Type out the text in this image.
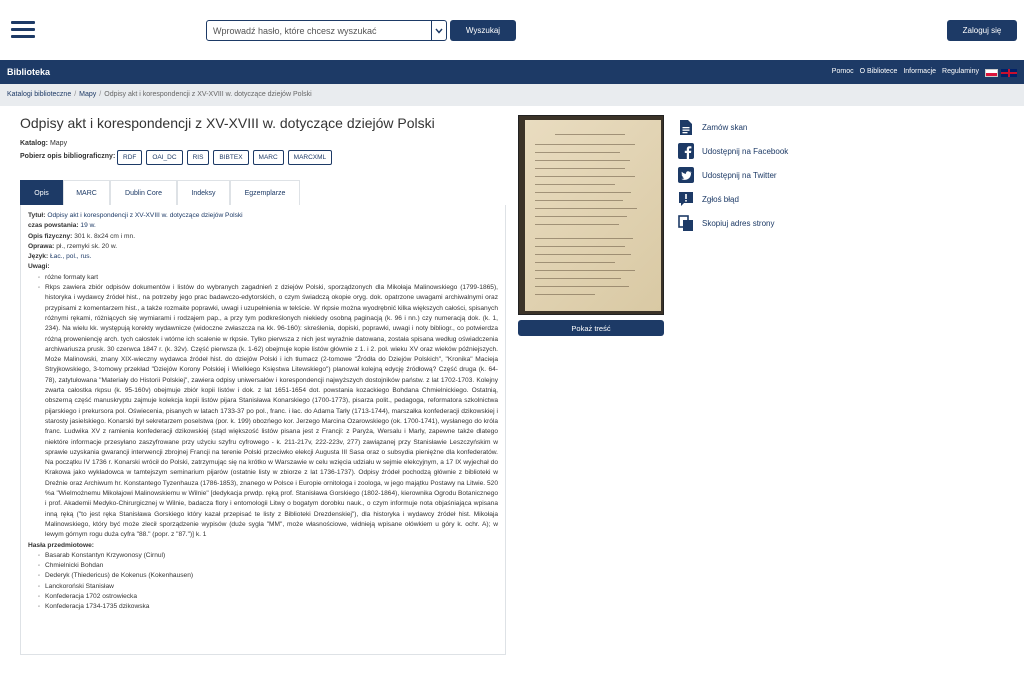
Wprowadź hasło, które chcesz wyszukać
Wyszukaj	Zaloguj się
Biblioteka	Pomoc O Bibliotece Informacje Regulaminy
Katalogi biblioteczne / Mapy / Odpisy akt i korespondencji z XV-XVIII w. dotyczące dziejów Polski
Odpisy akt i korespondencji z XV-XVIII w. dotyczące dziejów Polski
Katalog: Mapy
Pobierz opis bibliograficzny:	RDF	OAI_DC	RIS	BIBTEX	MARC	MARCXML
Opis	MARC	Dublin Core	Indeksy	Egzemplarze
Tytuł: Odpisy akt i korespondencji z XV-XVIII w. dotyczące dziejów Polski
czas powstania: 19 w.
Opis fizyczny: 301 k. 8x24 cm i mn.
Oprawa: pł., rzemyki sk. 20 w.
Język: Łac., pol., rus.
Uwagi:
◦ różne formaty kart
◦ Rkps zawiera zbiór odpisów dokumentów i listów do wybranych zagadnień z dziejów Polski, sporządzonych dla Mikołaja Malinowskiego (1799-1865), historyka i wydawcy źródeł hist., na potrzeby jego prac badawczo-edytorskich, o czym świadczą okopie oryg. dok. opatrzone uwagami archiwalnymi oraz przypisami z komentarzem hist., a także rozmaite poprawki, uwagi i uzupełnienia w tekście. W rkpsie można wyodrębnić kilka większych całości, spisanych różnymi rękami, różniących się wymiarami i rodzajem pap., a przy tym podkreślonych niekiedy osobną paginacją (k. 96 i nn.) czy numeracją dok. (k. 1, 234). Na wielu kk. występują korekty wydawnicze (widoczne zwłaszcza na kk. 96-160): skreślenia, dopiski, poprawki, uwagi i noty bibliogr., co potwierdza różną proweniencję arch. tych całostek i wtórne ich scalenie w rkpsie. Tylko pierwsza z nich jest wyraźnie datowana, została spisana według oświadczenia archiwariusza prusk. 30 czerwca 1847 r. (k. 32v). Część pierwsza (k. 1-62) obejmuje kopie listów głównie z 1. i 2. poł. wieku XV oraz wieków późniejszych. Może Malinowski, znany XIX-wieczny wydawca źródeł hist. do dziejów Polski i ich tłumacz (2-tomowe "Źródła do Dziejów Polskich", "Kronika" Macieja Stryjkowskiego, 3-tomowy przekład "Dziejów Korony Polskiej i Wielkiego Księstwa Litewskiego") planował kolejną edycję źródłową? Część druga (k. 64-78), zatytułowana "Materiały do Historii Polskiej", zawiera odpisy uniwersałów i korespondencji najwyższych dostojników państw. z lat 1702-1703. Kolejny zwarta całostka rkpsu (k. 95-160v) obejmuje zbiór kopii listów i dok. z lat 1651-1654 dot. powstania kozackiego Bohdana Chmielnickiego. Ostatnią, obszerną część manuskryptu zajmuje kolekcja kopii listów pijara Stanisława Konarskiego (1700-1773), pisarza polit., pedagoga, reformatora szkolnictwa pijarskiego i prekursora pol. Oświecenia, pisanych w latach 1733-37 po pol., franc. i łac. do Adama Tarły (1713-1744), marszałka konfederacji dzikowskiej i starosty jasielskiego. Konarski był sekretarzem poselstwa (por. k. 199) obozńego kor. Jerzego Marcina Ozarowskiego (ok. 1700-1741), wysłanego do króla franc. Ludwika XV z ramienia konfederacji dzikowskiej (stąd większość listów pisana jest z Francji: z Paryża, Wersalu i Marly, zapewne także dlatego niektóre informacje przesyłano zaszyfrowane przy użyciu szyfru cyfrowego - k. 211-217v, 222-223v, 277) zawiązanej przy Stanisławie Leszczyńskim w sprawie uzyskania gwarancji interwencji zbrojnej Francji na terenie Polski przeciwko elekcji Augusta III Sasa oraz o subsydia pieniężne dla konfederatów. Na początku IV 1736 r. Konarski wrócił do Polski, zatrzymując się na krótko w Warszawie w celu wzięcia udziału w sejmie elekcyjnym, a 17 IX wyjechał do Krakowa jako wykładowca w tamtejszym seminarium pijarów (ostatnie listy w zbiorze z lat 1736-1737). Odpisy źródeł pochodzą głównie z biblioteki w Dreźnie oraz Archiwum hr. Konstantego Tyzenhauza (1786-1853), znanego w Polsce i Europie ornitologa i zoologa, w jego majątku Postawy na Litwie. 520 %a "Wielmożnemu Mikołajowi Malinowskiemu w Wilnie" [dedykacja prwdp. ręką prof. Stanisława Gorskiego (1802-1864), kierownika Ogrodu Botanicznego i prof. Akademii Medyko-Chirurgicznej w Wilnie, badacza flory i entomologii Litwy o bogatym dorobku nauk., o czym informuje nota objaśniająca wpisana inną ręką ("to jest ręka Stanisława Gorskiego który kazał przepisać te listy z Biblioteki Drezdenskiej"), dla historyka i wydawcy źródeł hist. Mikołaja Malinowskiego, który być może zlecił sporządzenie wypisów (duże sygla "MM", może własnościowe, widnieją wpisane ołówkiem u góry k. ochr. A); w lewym górnym rogu duża cyfra "88." (popr. z "87.")] k. 1
Hasła przedmiotowe:
◦ Basarab Konstantyn Krzywonosy (Cirnul)
◦ Chmielnicki Bohdan
◦ Dederyk (Thiedericus) de Kokenus (Kokenhausen)
◦ Lanckoroński Stanisław
◦ Konfederacja 1702 ostrowiecka
◦ Konfederacja 1734-1735 dzikowska
Pokaż treść
Zamów skan
Udostępnij na Facebook
Udostępnij na Twitter
Zgłoś błąd
Skopiuj adres strony
